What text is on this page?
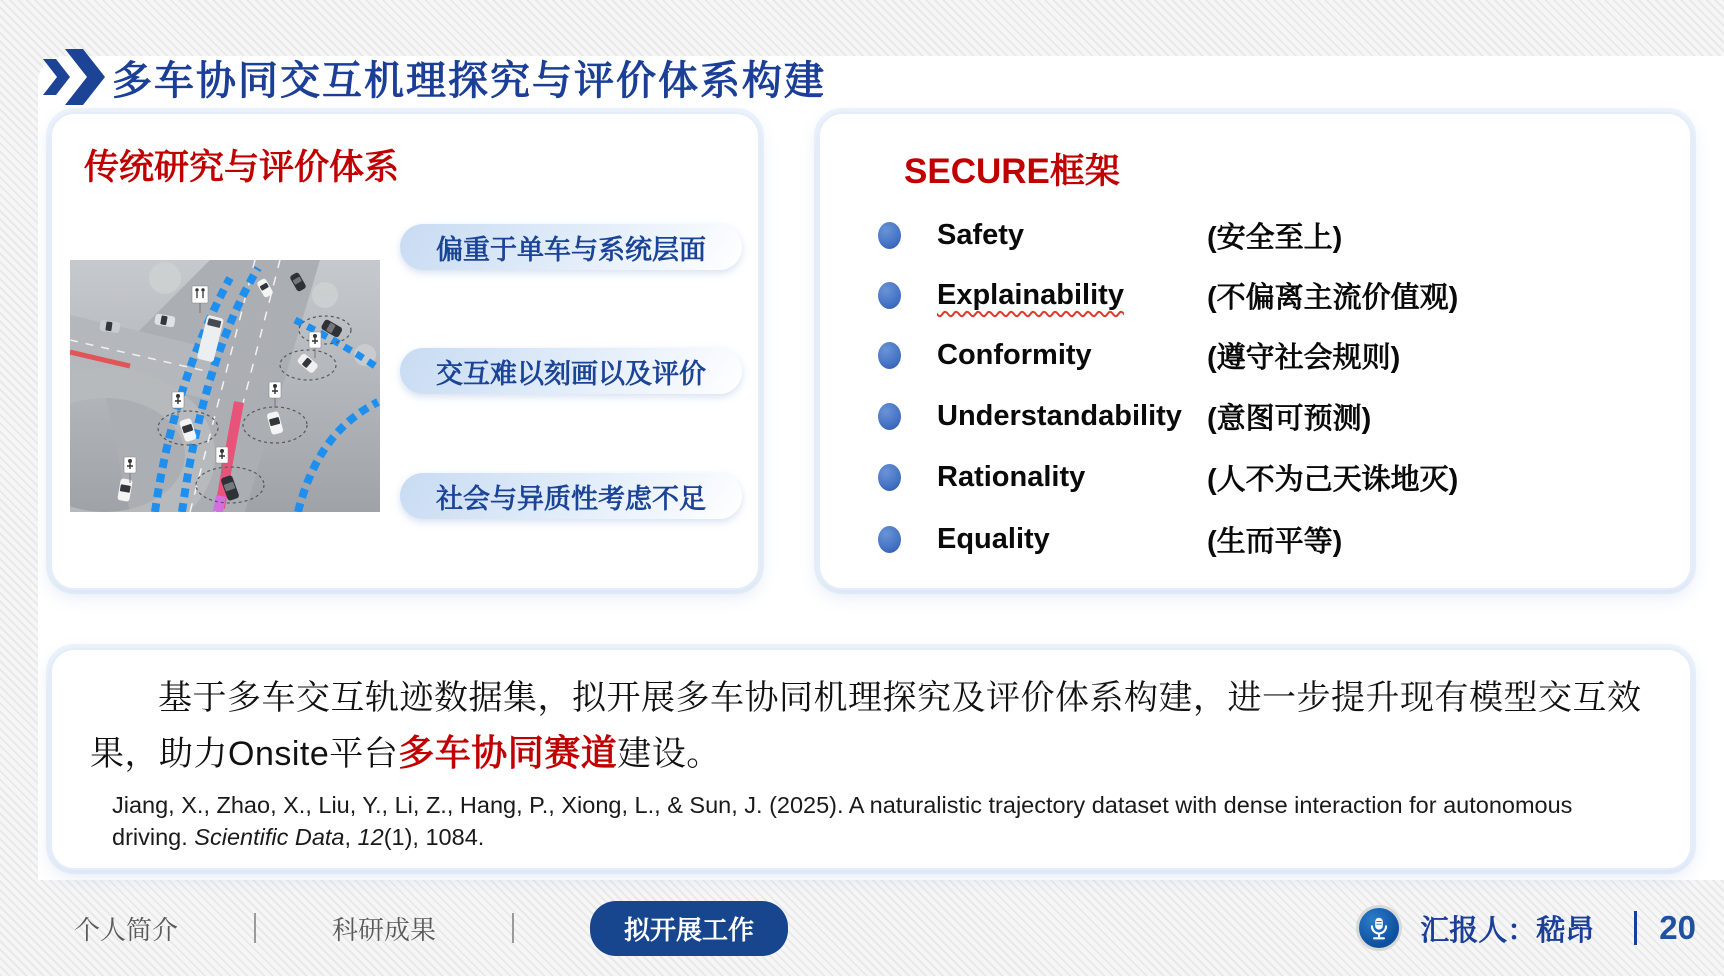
多车协同交互机理探究与评价体系构建
传统研究与评价体系
偏重于单车与系统层面
交互难以刻画以及评价
社会与异质性考虑不足
SECURE框架
Safety	(安全至上)
Explainability	(不偏离主流价值观)
Conformity	(遵守社会规则)
Understandability (意图可预测)
Rationality	(人不为己天诛地灭)
Equality	(生而平等)

基于多车交互轨迹数据集，拟开展多车协同机理探究及评价体系构建，进一步提升现有模型交互效果，助力Onsite平台多车协同赛道建设。

Jiang, X., Zhao, X., Liu, Y., Li, Z., Hang, P., Xiong, L., & Sun, J. (2025). A naturalistic trajectory dataset with dense interaction for autonomous driving. Scientific Data, 12(1), 1084.

个人简介	科研成果	拟开展工作	汇报人：嵇昂 20
